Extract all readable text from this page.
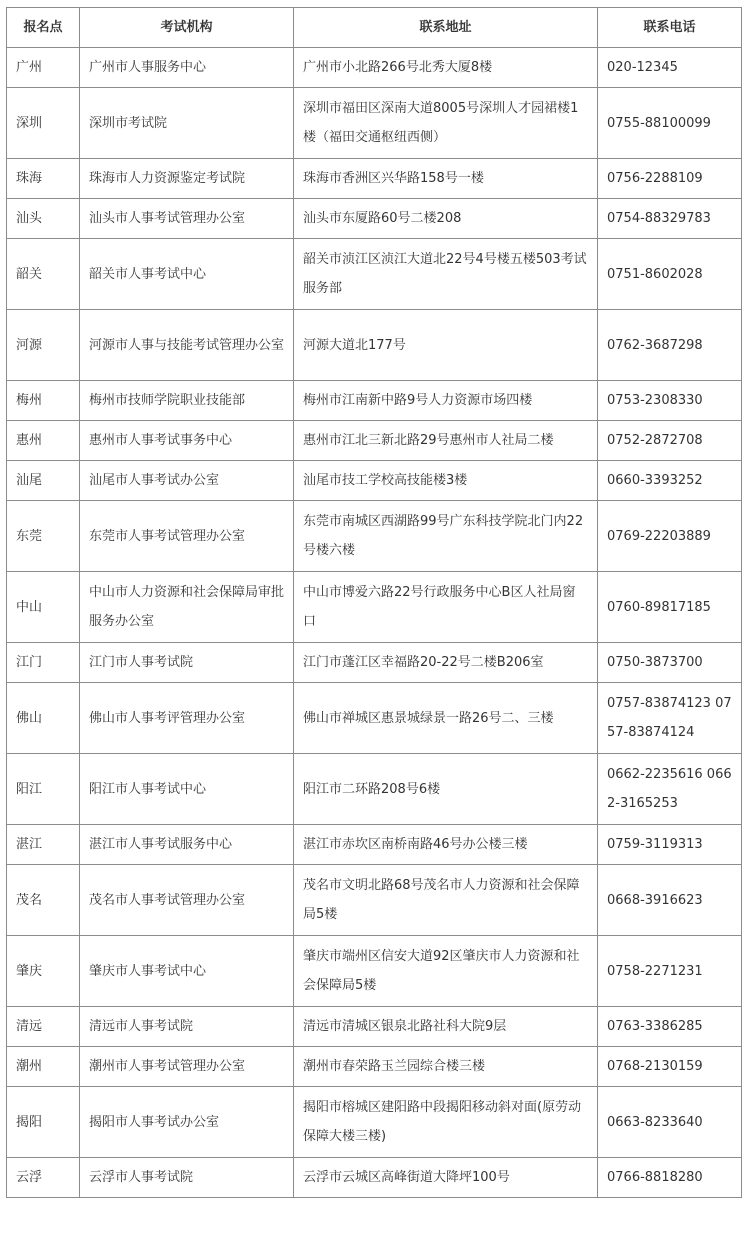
报名点	考试机构	联系地址	联系电话
广州	广州市人事服务中心	广州市小北路266号北秀大厦8楼	020-12345
深圳	深圳市考试院	深圳市福田区深南大道8005号深圳人才园裙楼1楼（福田交通枢纽西侧）	0755-88100099
珠海	珠海市人力资源鉴定考试院	珠海市香洲区兴华路158号一楼	0756-2288109
汕头	汕头市人事考试管理办公室	汕头市东厦路60号二楼208	0754-88329783
韶关	韶关市人事考试中心	韶关市浈江区浈江大道北22号4号楼五楼503考试服务部	0751-8602028
河源	河源市人事与技能考试管理办公室	河源大道北177号	0762-3687298
梅州	梅州市技师学院职业技能部	梅州市江南新中路9号人力资源市场四楼	0753-2308330
惠州	惠州市人事考试事务中心	惠州市江北三新北路29号惠州市人社局二楼	0752-2872708
汕尾	汕尾市人事考试办公室	汕尾市技工学校高技能楼3楼	0660-3393252
东莞	东莞市人事考试管理办公室	东莞市南城区西湖路99号广东科技学院北门内22号楼六楼	0769-22203889
中山	中山市人力资源和社会保障局审批服务办公室	中山市博爱六路22号行政服务中心B区人社局窗口	0760-89817185
江门	江门市人事考试院	江门市蓬江区幸福路20-22号二楼B206室	0750-3873700
佛山	佛山市人事考评管理办公室	佛山市禅城区惠景城绿景一路26号二、三楼	0757-83874123 0757-83874124
阳江	阳江市人事考试中心	阳江市二环路208号6楼	0662-2235616 0662-3165253
湛江	湛江市人事考试服务中心	湛江市赤坎区南桥南路46号办公楼三楼	0759-3119313
茂名	茂名市人事考试管理办公室	茂名市文明北路68号茂名市人力资源和社会保障局5楼	0668-3916623
肇庆	肇庆市人事考试中心	肇庆市端州区信安大道92区肇庆市人力资源和社会保障局5楼	0758-2271231
清远	清远市人事考试院	清远市清城区银泉北路社科大院9层	0763-3386285
潮州	潮州市人事考试管理办公室	潮州市春荣路玉兰园综合楼三楼	0768-2130159
揭阳	揭阳市人事考试办公室	揭阳市榕城区建阳路中段揭阳移动斜对面(原劳动保障大楼三楼)	0663-8233640
云浮	云浮市人事考试院	云浮市云城区高峰街道大降坪100号	0766-8818280
